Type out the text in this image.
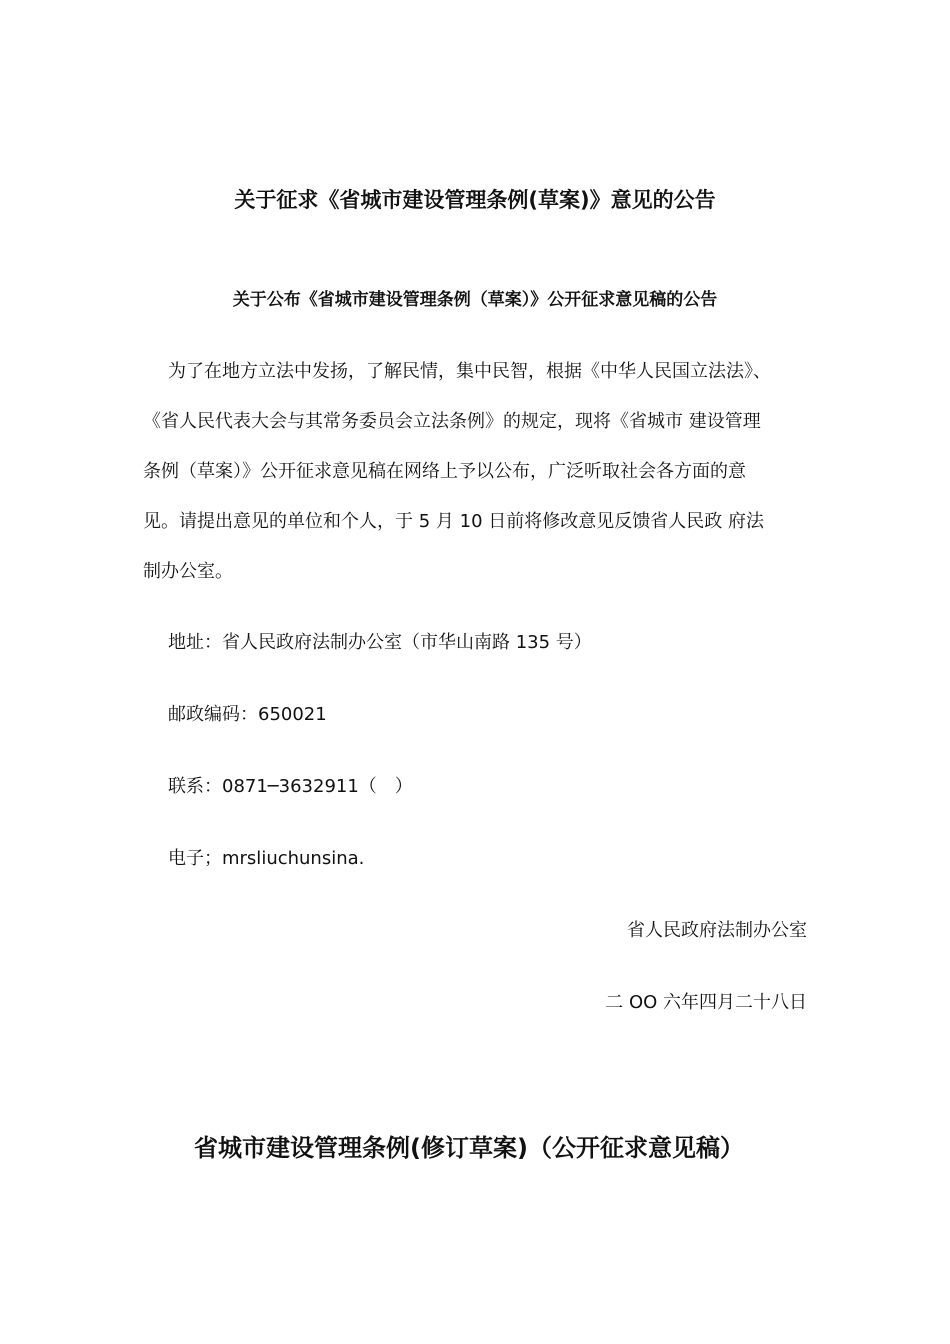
关于征求《省城市建设管理条例(草案)》意见的公告
关于公布《省城市建设管理条例（草案）》公开征求意见稿的公告
为了在地方立法中发扬，了解民情，集中民智，根据《中华人民国立法法》、
《省人民代表大会与其常务委员会立法条例》的规定，现将《省城市 建设管理
条例（草案）》公开征求意见稿在网络上予以公布，广泛听取社会各方面的意
见。请提出意见的单位和个人，于 5 月 10 日前将修改意见反馈省人民政 府法
制办公室。
地址：省人民政府法制办公室（市华山南路 135 号）
邮政编码：650021
联系：0871─3632911（　）
电子；mrsliuchunsina.
省人民政府法制办公室
二 OO 六年四月二十八日
省城市建设管理条例(修订草案)（公开征求意见稿）
